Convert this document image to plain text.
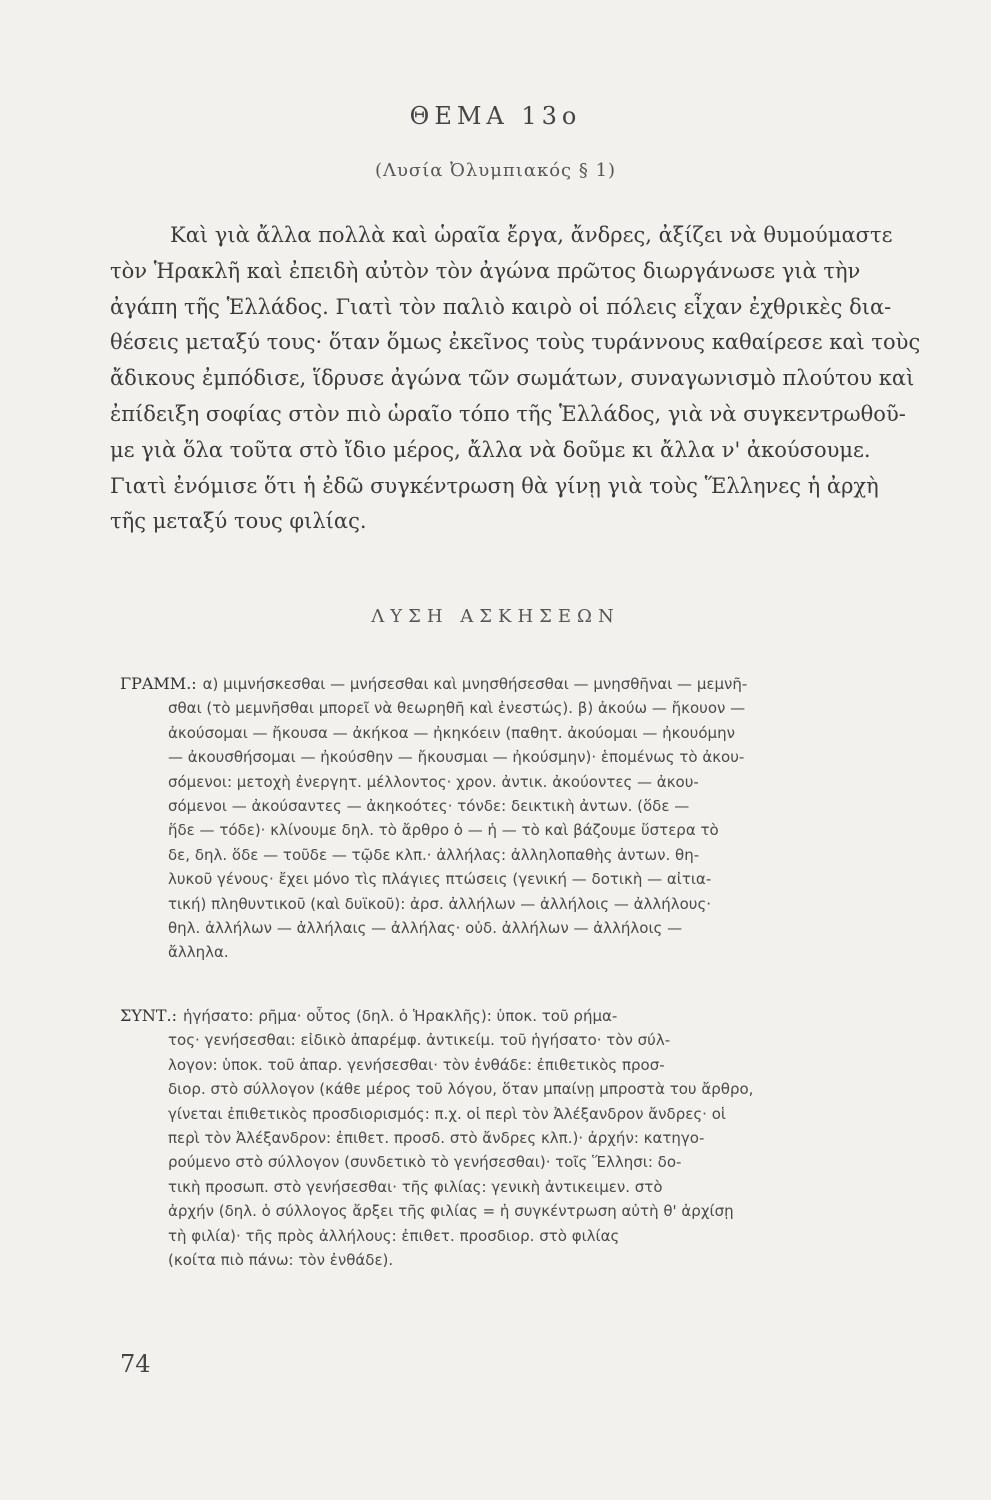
ΘΕΜΑ 13ο
(Λυσία Ὀλυμπιακός § 1)
Καὶ γιὰ ἄλλα πολλὰ καὶ ὡραῖα ἔργα, ἄνδρες, ἀξίζει νὰ θυμούμαστε
τὸν Ἡρακλῆ καὶ ἐπειδὴ αὐτὸν τὸν ἀγώνα πρῶτος διωργάνωσε γιὰ τὴν
ἀγάπη τῆς Ἑλλάδος. Γιατὶ τὸν παλιὸ καιρὸ οἱ πόλεις εἶχαν ἐχθρικὲς δια-
θέσεις μεταξύ τους· ὅταν ὅμως ἐκεῖνος τοὺς τυράννους καθαίρεσε καὶ τοὺς
ἄδικους ἐμπόδισε, ἵδρυσε ἀγώνα τῶν σωμάτων, συναγωνισμὸ πλούτου καὶ
ἐπίδειξη σοφίας στὸν πιὸ ὡραῖο τόπο τῆς Ἑλλάδος, γιὰ νὰ συγκεντρωθοῦ-
με γιὰ ὅλα τοῦτα στὸ ἴδιο μέρος, ἄλλα νὰ δοῦμε κι ἄλλα ν' ἀκούσουμε.
Γιατὶ ἐνόμισε ὅτι ἡ ἐδῶ συγκέντρωση θὰ γίνῃ γιὰ τοὺς Ἕλληνες ἡ ἀρχὴ
τῆς μεταξύ τους φιλίας.
ΛΥΣΗ ΑΣΚΗΣΕΩΝ
ΓΡΑΜΜ.: α) μιμνήσκεσθαι — μνήσεσθαι καὶ μνησθήσεσθαι — μνησθῆναι — μεμνῆ-
σθαι (τὸ μεμνῆσθαι μπορεῖ νὰ θεωρηθῆ καὶ ἐνεστώς). β) ἀκούω — ἤκουον —
ἀκούσομαι — ἤκουσα — ἀκήκοα — ἠκηκόειν (παθητ. ἀκούομαι — ἠκουόμην
— ἀκουσθήσομαι — ἠκούσθην — ἤκουσμαι — ἠκούσμην)· ἑπομένως τὸ ἀκου-
σόμενοι: μετοχὴ ἐνεργητ. μέλλοντος· χρον. ἀντικ. ἀκούοντες — ἀκου-
σόμενοι — ἀκούσαντες — ἀκηκοότες· τόνδε: δεικτικὴ ἀντων. (ὅδε —
ἥδε — τόδε)· κλίνουμε δηλ. τὸ ἄρθρο ὁ — ἡ — τὸ καὶ βάζουμε ὕστερα τὸ
δε, δηλ. ὅδε — τοῦδε — τῷδε κλπ.· ἀλλήλας: ἀλληλοπαθὴς ἀντων. θη-
λυκοῦ γένους· ἔχει μόνο τὶς πλάγιες πτώσεις (γενική — δοτικὴ — αἰτια-
τική) πληθυντικοῦ (καὶ δυϊκοῦ): ἀρσ. ἀλλήλων — ἀλλήλοις — ἀλλήλους·
θηλ. ἀλλήλων — ἀλλήλαις — ἀλλήλας· οὐδ. ἀλλήλων — ἀλλήλοις —
ἄλληλα.
ΣΥΝΤ.: ἡγήσατο: ρῆμα· οὗτος (δηλ. ὁ Ἡρακλῆς): ὑποκ. τοῦ ρήμα-
τος· γενήσεσθαι: εἰδικὸ ἀπαρέμφ. ἀντικείμ. τοῦ ἡγήσατο· τὸν σύλ-
λογον: ὑποκ. τοῦ ἀπαρ. γενήσεσθαι· τὸν ἐνθάδε: ἐπιθετικὸς προσ-
διορ. στὸ σύλλογον (κάθε μέρος τοῦ λόγου, ὅταν μπαίνῃ μπροστὰ του ἄρθρο,
γίνεται ἐπιθετικὸς προσδιορισμός: π.χ. οἱ περὶ τὸν Ἀλέξανδρον ἄνδρες· οἱ
περὶ τὸν Ἀλέξανδρον: ἐπιθετ. προσδ. στὸ ἄνδρες κλπ.)· ἀρχήν: κατηγο-
ρούμενο στὸ σύλλογον (συνδετικὸ τὸ γενήσεσθαι)· τοῖς Ἕλλησι: δο-
τικὴ προσωπ. στὸ γενήσεσθαι· τῆς φιλίας: γενικὴ ἀντικειμεν. στὸ
ἀρχήν (δηλ. ὁ σύλλογος ἄρξει τῆς φιλίας = ἡ συγκέντρωση αὐτὴ θ' ἀρχίσῃ
τὴ φιλία)· τῆς πρὸς ἀλλήλους: ἐπιθετ. προσδιορ. στὸ φιλίας
(κοίτα πιὸ πάνω: τὸν ἐνθάδε).
74
